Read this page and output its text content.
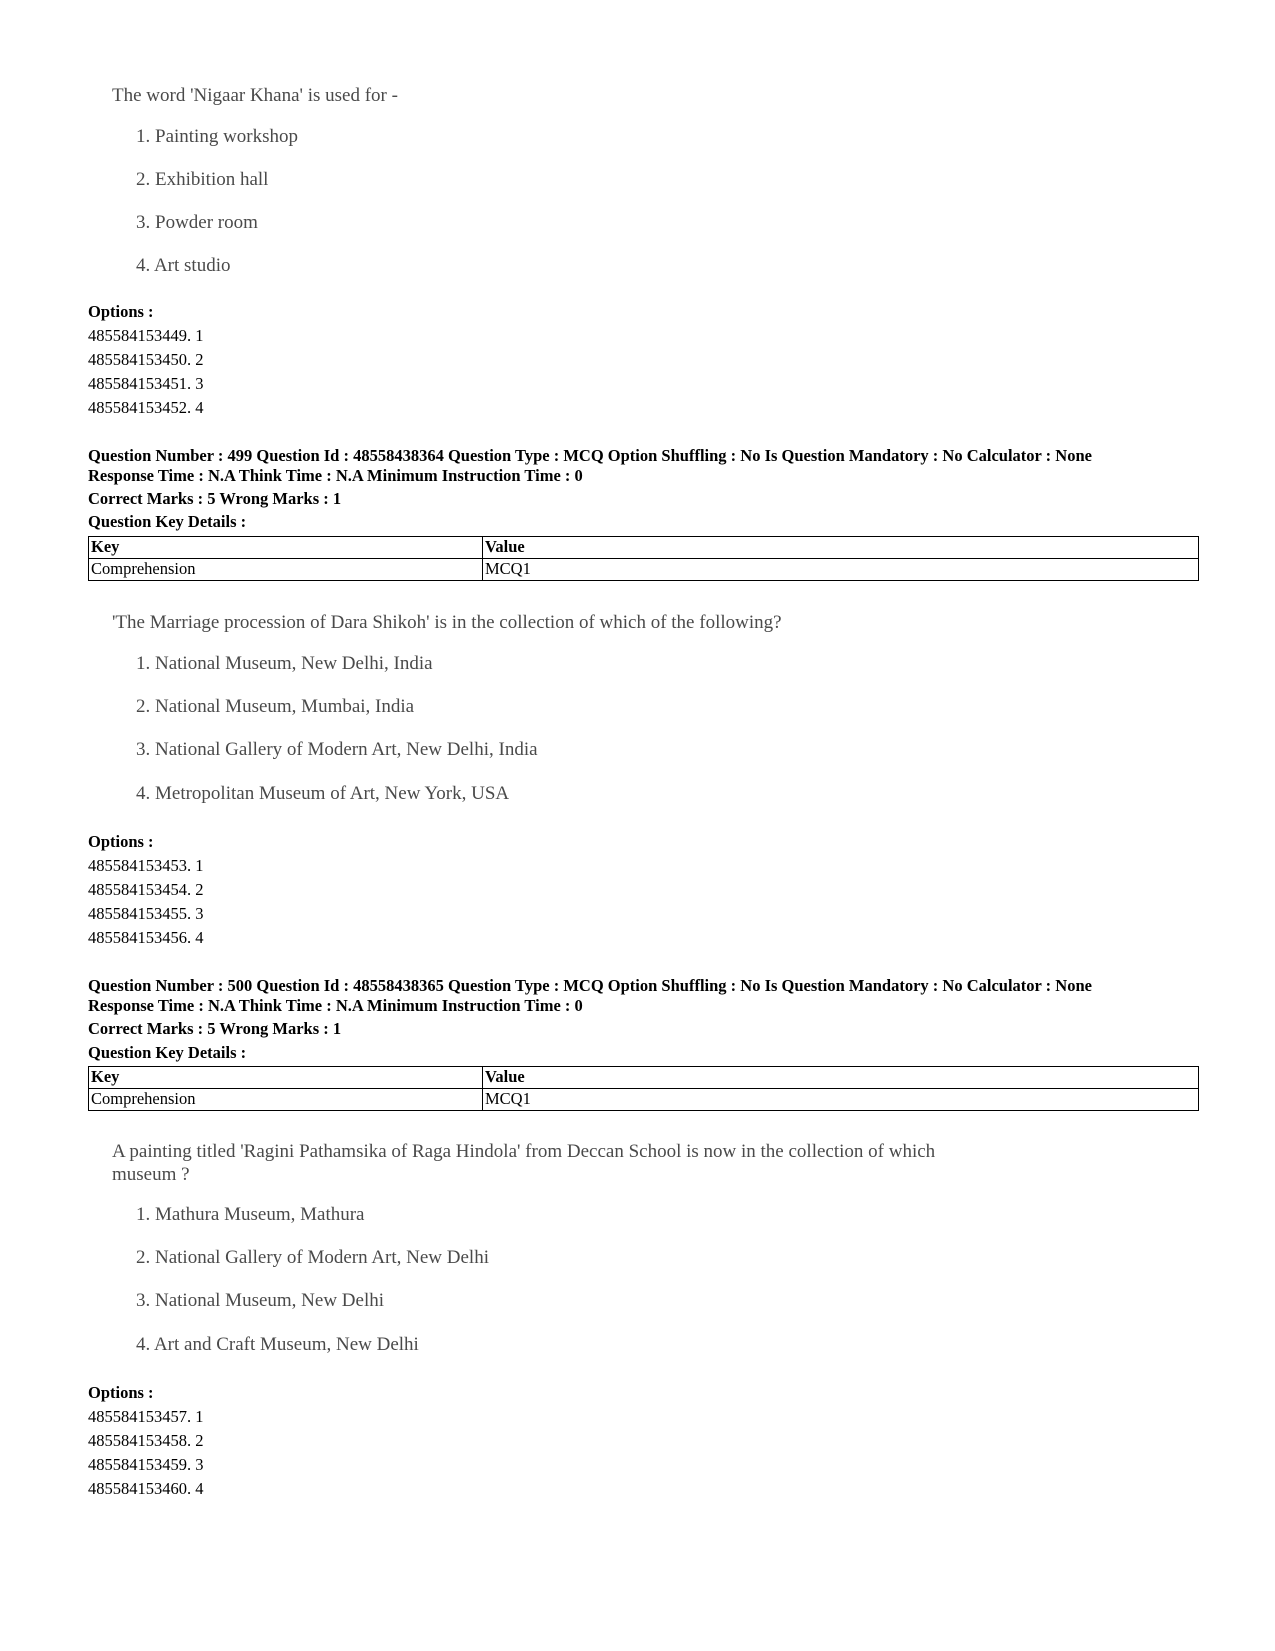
The word 'Nigaar Khana' is used for -
1. Painting workshop
2. Exhibition hall
3. Powder room
4. Art studio
Options :
485584153449. 1
485584153450. 2
485584153451. 3
485584153452. 4
Question Number : 499 Question Id : 48558438364 Question Type : MCQ Option Shuffling : No Is Question Mandatory : No Calculator : None
Response Time : N.A Think Time : N.A Minimum Instruction Time : 0
Correct Marks : 5 Wrong Marks : 1
Question Key Details :
Key	Value
Comprehension	MCQ1
'The Marriage procession of Dara Shikoh' is in the collection of which of the following?
1. National Museum, New Delhi, India
2. National Museum, Mumbai, India
3. National Gallery of Modern Art, New Delhi, India
4. Metropolitan Museum of Art, New York, USA
Options :
485584153453. 1
485584153454. 2
485584153455. 3
485584153456. 4
Question Number : 500 Question Id : 48558438365 Question Type : MCQ Option Shuffling : No Is Question Mandatory : No Calculator : None
Response Time : N.A Think Time : N.A Minimum Instruction Time : 0
Correct Marks : 5 Wrong Marks : 1
Question Key Details :
Key	Value
Comprehension	MCQ1
A painting titled 'Ragini Pathamsika of Raga Hindola' from Deccan School is now in the collection of which museum ?
1. Mathura Museum, Mathura
2. National Gallery of Modern Art, New Delhi
3. National Museum, New Delhi
4. Art and Craft Museum, New Delhi
Options :
485584153457. 1
485584153458. 2
485584153459. 3
485584153460. 4
